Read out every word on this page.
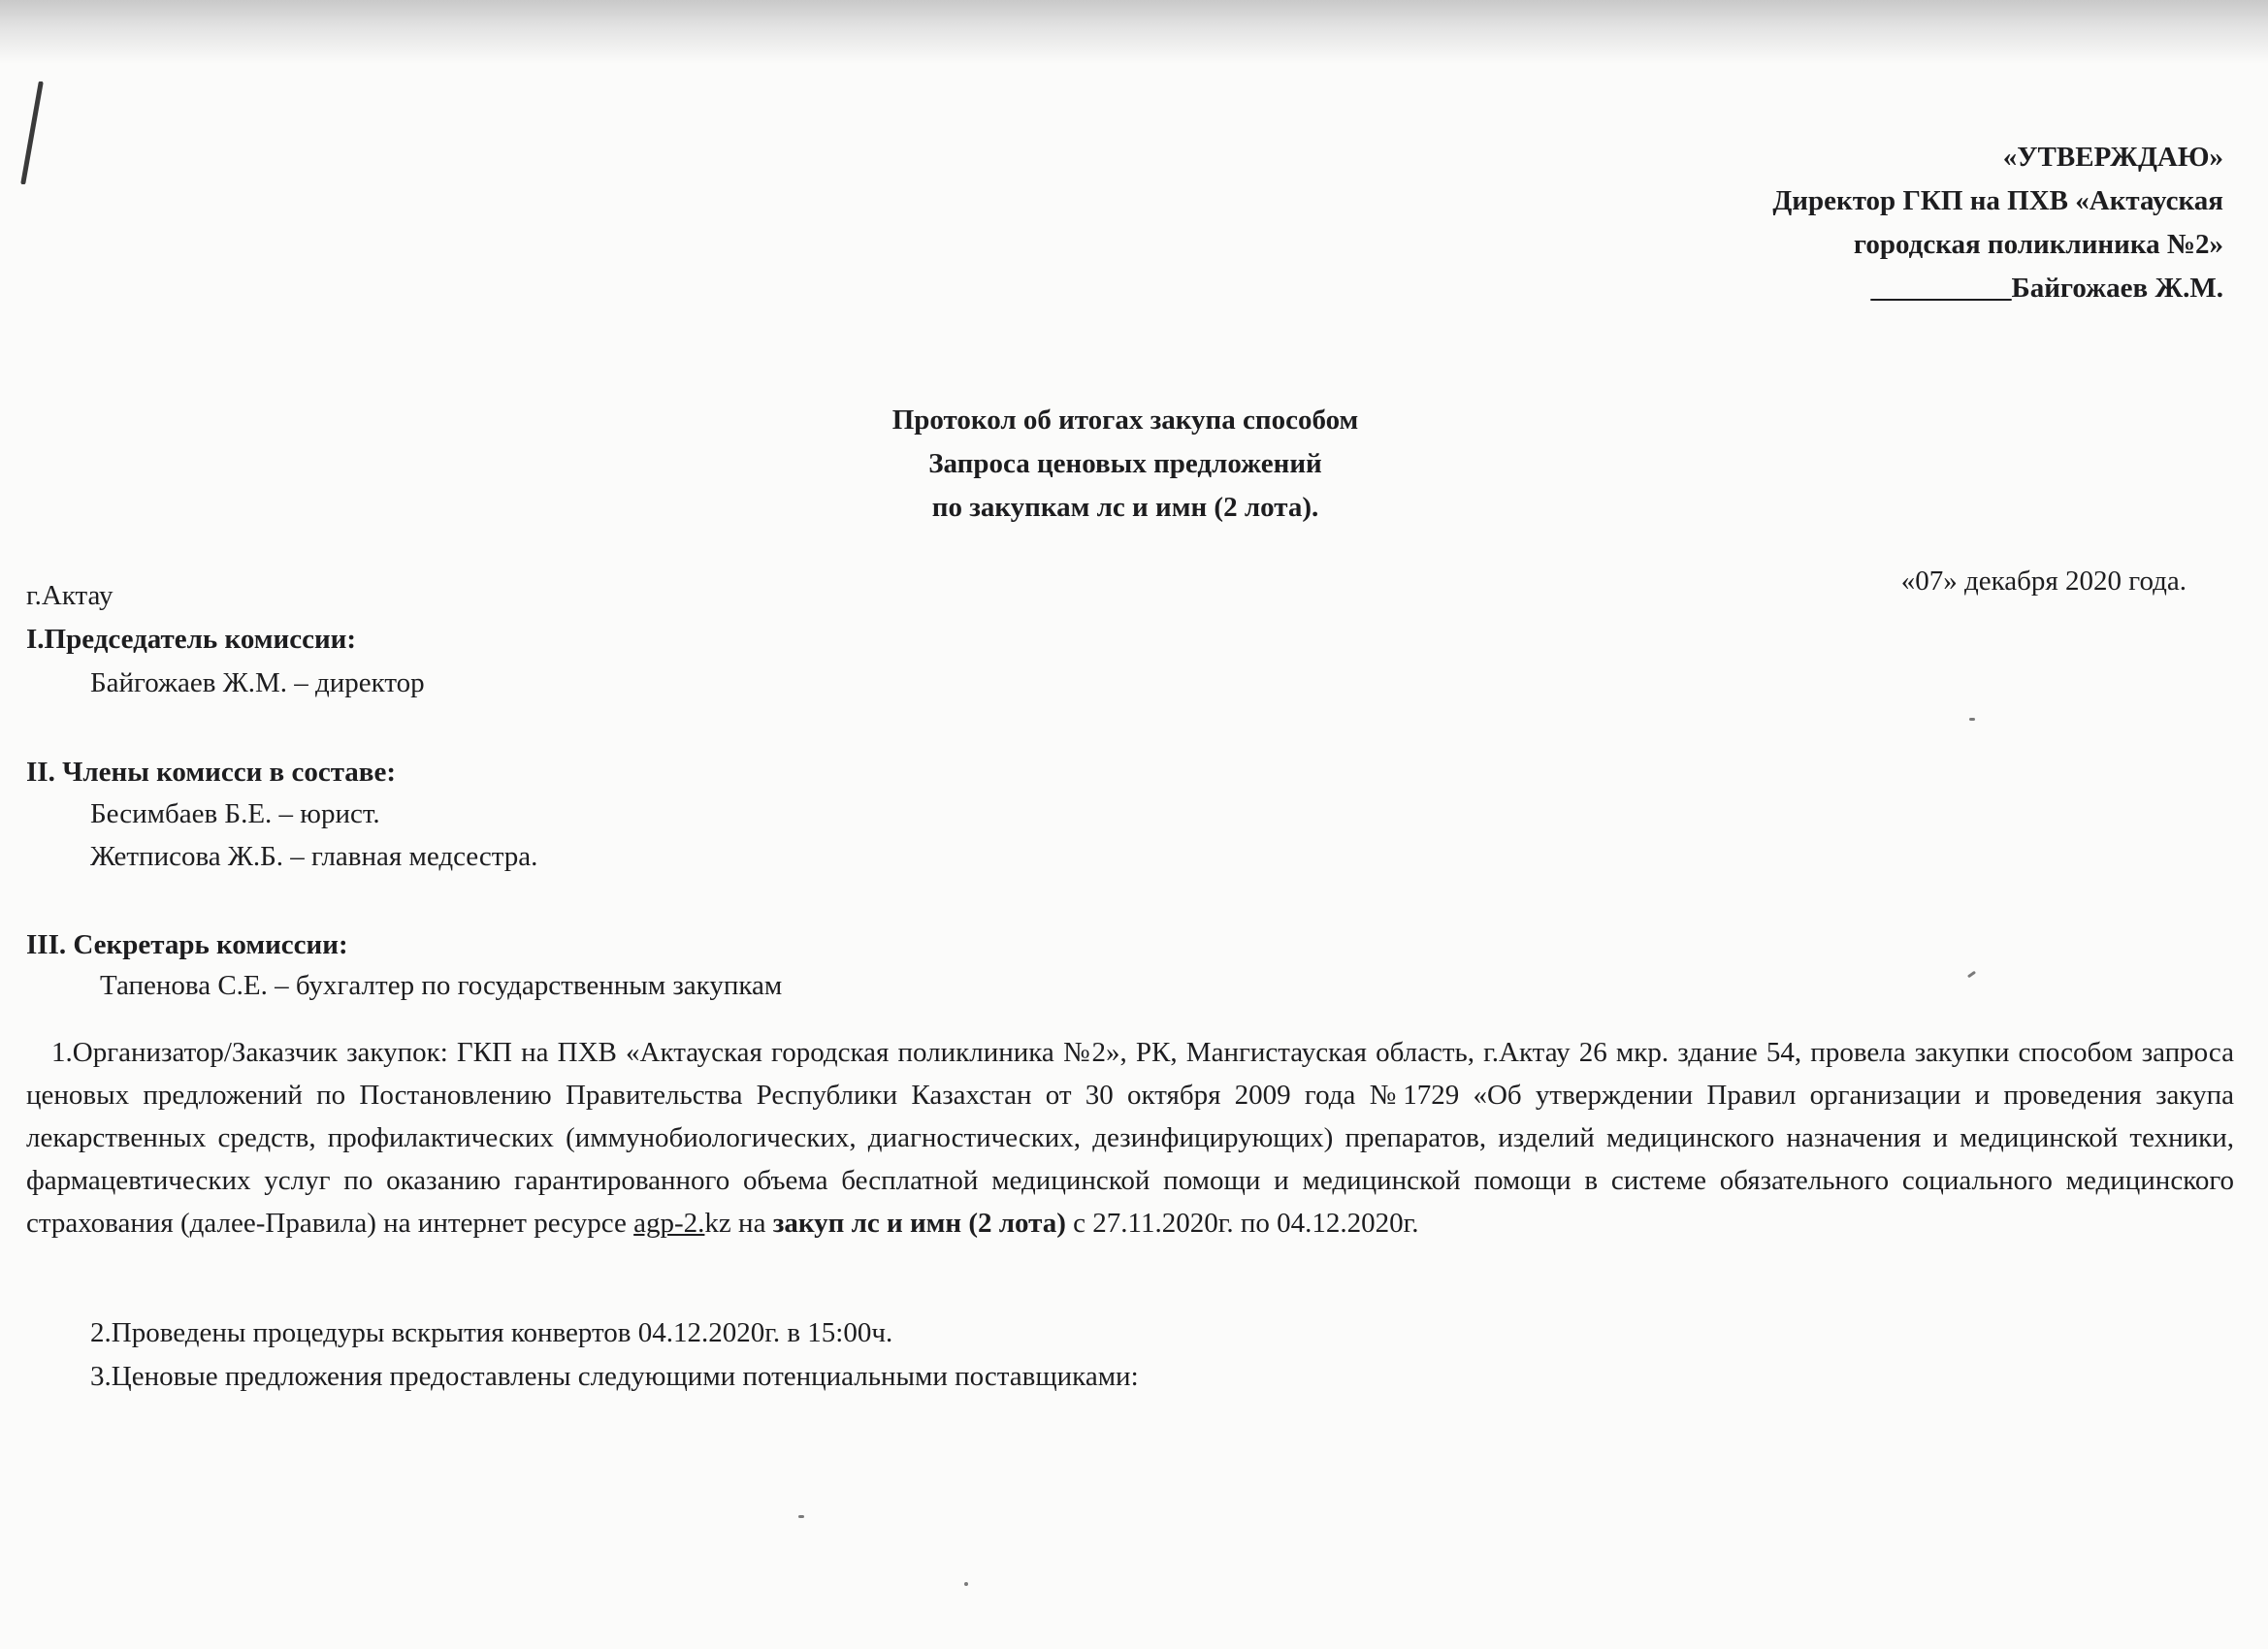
«УТВЕРЖДАЮ»
Директор ГКП на ПХВ «Актауская
городская поликлиника №2»
__________Байгожаев Ж.М.
Протокол об итогах закупа способом
Запроса ценовых предложений
по закупкам лс и имн (2 лота).
г.Актау	«07» декабря 2020 года.
I.Председатель комиссии:
Байгожаев Ж.М. – директор
II. Члены комисси в составе:
Бесимбаев Б.Е. – юрист.
Жетписова Ж.Б. – главная медсестра.
III. Секретарь комиссии:
Тапенова С.Е. – бухгалтер по государственным закупкам
1.Организатор/Заказчик закупок: ГКП на ПХВ «Актауская городская поликлиника №2», РК, Мангистауская область, г.Актау 26 мкр. здание 54, провела закупки способом запроса ценовых предложений по Постановлению Правительства Республики Казахстан от 30 октября 2009 года №1729 «Об утверждении Правил организации и проведения закупа лекарственных средств, профилактических (иммунобиологических, диагностических, дезинфицирующих) препаратов, изделий медицинского назначения и медицинской техники, фармацевтических услуг по оказанию гарантированного объема бесплатной медицинской помощи и медицинской помощи в системе обязательного социального медицинского страхования (далее-Правила) на интернет ресурсе agp-2.kz на закуп лс и имн (2 лота) с 27.11.2020г. по 04.12.2020г.
2.Проведены процедуры вскрытия конвертов 04.12.2020г. в 15:00ч.
3.Ценовые предложения предоставлены следующими потенциальными поставщиками:
